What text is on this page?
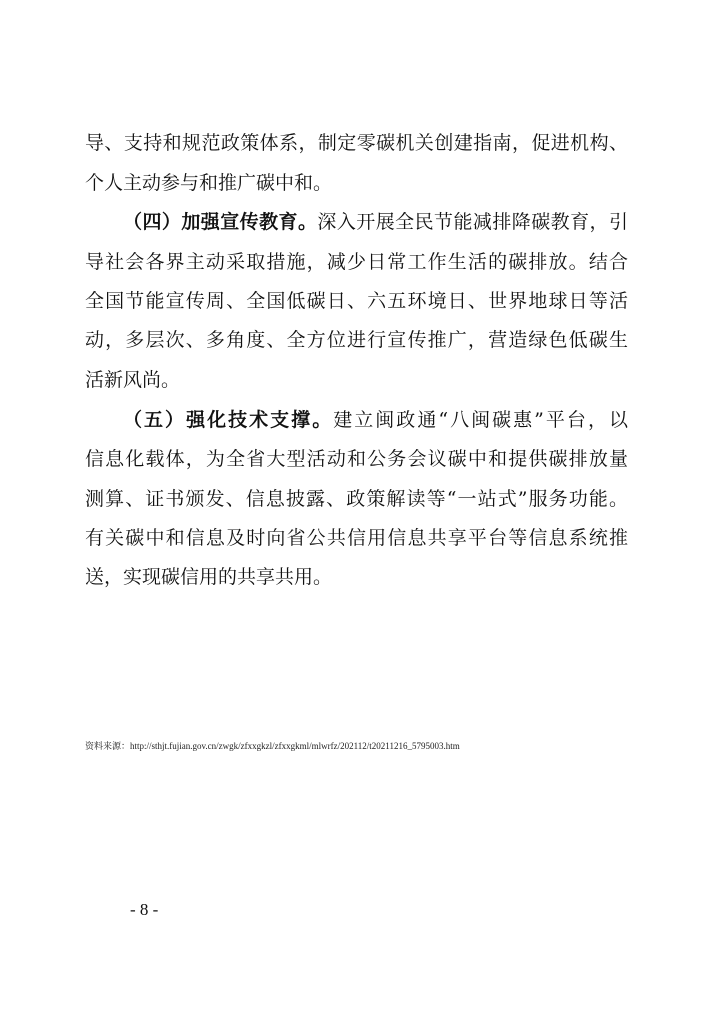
导、支持和规范政策体系，制定零碳机关创建指南，促进机构、
个人主动参与和推广碳中和。
（四）加强宣传教育。深入开展全民节能减排降碳教育，引
导社会各界主动采取措施，减少日常工作生活的碳排放。结合
全国节能宣传周、全国低碳日、六五环境日、世界地球日等活
动，多层次、多角度、全方位进行宣传推广，营造绿色低碳生
活新风尚。
（五）强化技术支撑。建立闽政通“八闽碳惠”平台，以
信息化载体，为全省大型活动和公务会议碳中和提供碳排放量
测算、证书颁发、信息披露、政策解读等“一站式”服务功能。
有关碳中和信息及时向省公共信用信息共享平台等信息系统推
送，实现碳信用的共享共用。
资料来源：http://sthjt.fujian.gov.cn/zwgk/zfxxgkzl/zfxxgkml/mlwrfz/202112/t20211216_5795003.htm
- 8 -
